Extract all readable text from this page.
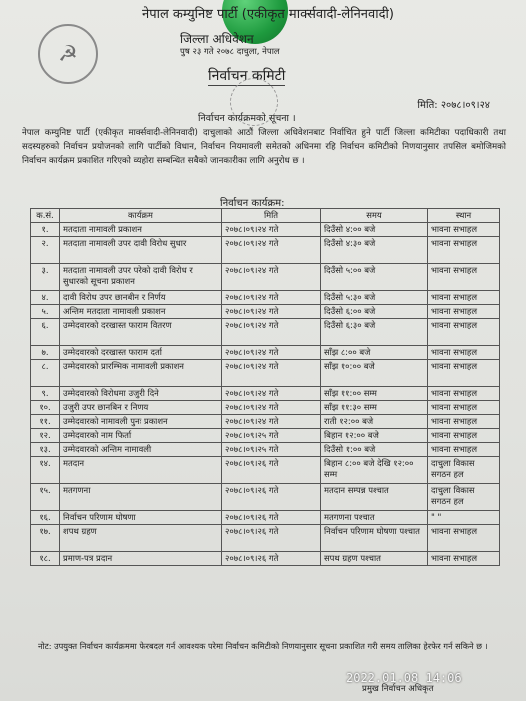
☭
नेपाल कम्युनिष्ट पार्टी (एकीकृत मार्क्सवादी-लेनिनवादी)
जिल्ला अधिवेशन
पुष २३ गते २०७८ दाचुला, नेपाल
निर्वाचन कमिटी
मिति: २०७८।०९।२४
निर्वाचन कार्यक्रमको सूचना ।
नेपाल कम्युनिष्ट पार्टी (एकीकृत मार्क्सवादी-लेनिनवादी) दाचुलाको आठौं जिल्ला अधिवेशनबाट निर्वाचित हुने पार्टी जिल्ला कमिटीका पदाधिकारी तथा सदस्यहरुको निर्वाचन प्रयोजनको लागि पार्टीको विधान, निर्वाचन नियमावली समेतको अधिनमा रहि निर्वाचन कमिटीको निणयानुसार तपसिल बमोजिमको निर्वाचन कार्यक्रम प्रकाशित गरिएको व्यहोरा सम्बन्धित सबैको जानकारीका लागि अनुरोध छ ।
निर्वाचन कार्यक्रम:
क.सं.	कार्यक्रम	मिति	समय	स्थान
१.	मतदाता नामावली प्रकाशन	२०७८।०९।२४ गते	दिउँसो ४:०० बजे	भावना सभाहल
२.	मतदाता नामावली उपर दावी विरोध सुधार	२०७८।०९।२४ गते	दिउँसो ४:३० बजे	भावना सभाहल
३.	मतदाता नामावली उपर परेको दावी विरोध र सुधारको सूचना प्रकाशन	२०७८।०९।२४ गते	दिउँसो ५:०० बजे	भावना सभाहल
४.	दावी विरोध उपर छानबीन र निर्णय	२०७८।०९।२४ गते	दिउँसो ५:३० बजे	भावना सभाहल
५.	अन्तिम मतदाता नामावली प्रकाशन	२०७८।०९।२४ गते	दिउँसो ६:०० बजे	भावना सभाहल
६.	उम्मेदवारको दरखास्त फाराम वितरण	२०७८।०९।२४ गते	दिउँसो ६:३० बजे	भावना सभाहल
७.	उम्मेदवारको दरखास्त फाराम दर्ता	२०७८।०९।२४ गते	साँझ ८:०० बजे	भावना सभाहल
८.	उम्मेदवारको प्रारम्भिक नामावली प्रकाशन	२०७८।०९।२४ गते	साँझ १०:०० बजे	भावना सभाहल
९.	उम्मेदवारको विरोधमा उजुरी दिने	२०७८।०९।२४ गते	साँझ ११:०० सम्म	भावना सभाहल
१०.	उजुरी उपर छानबिन र निणय	२०७८।०९।२४ गते	साँझ ११:३० सम्म	भावना सभाहल
११.	उम्मेदवारको नामावली पुनः प्रकाशन	२०७८।०९।२४ गते	राती १२:०० बजे	भावना सभाहल
१२.	उम्मेदवारको नाम फिर्ता	२०७८।०९।२५ गते	बिहान १२:०० बजे	भावना सभाहल
१३.	उम्मेदवारको अन्तिम नामावली	२०७८।०९।२५ गते	दिउँसो १:०० बजे	भावना सभाहल
१४.	मतदान	२०७८।०९।२६ गते	बिहान ८:०० बजे देखि १२:०० सम्म	दाचुला विकास सगठन हल
१५.	मतगणना	२०७८।०९।२६ गते	मतदान सम्पन्न पश्चात	दाचुला विकास सगठन हल
१६.	निर्वाचन परिणाम घोषणा	२०७८।०९।२६ गते	मतगणना पश्चात	" "
१७.	शपथ ग्रहण	२०७८।०९।२६ गते	निर्वाचन परिणाम घोषणा पश्चात	भावना सभाहल
१८.	प्रमाण-पत्र प्रदान	२०७८।०९।२६ गते	सपथ ग्रहण पश्चात	भावना सभाहल
नोट: उपयुक्त निर्वाचन कार्यक्रममा फेरबदल गर्न आवश्यक परेमा निर्वाचन कमिटीको निणयानुसार सूचना प्रकाशित गरी समय तालिका हेरफेर गर्न सकिने छ ।
2022.01.08 14:06
प्रमुख निर्वाचन अधिकृत
